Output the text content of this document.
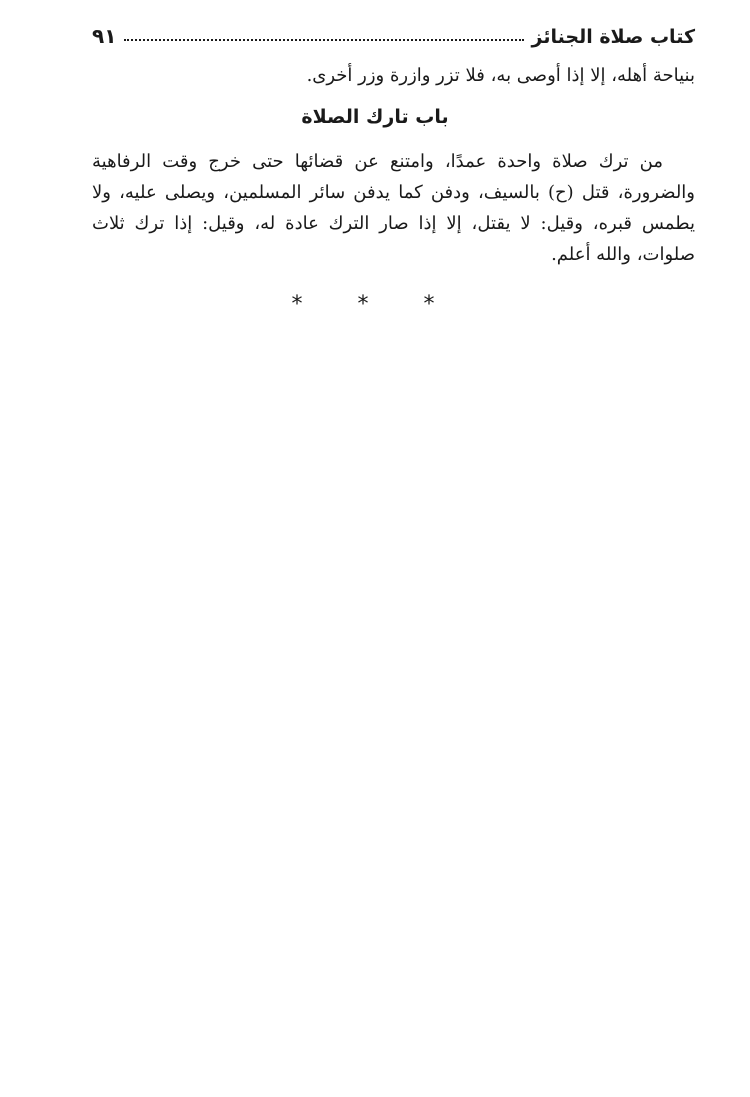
كتاب صلاة الجنائز
٩١
بنياحة أهله، إلا إذا أوصى به، فلا تزر وازرة وزر أخرى.
باب تارك الصلاة
من ترك صلاة واحدة عمدًا، وامتنع عن قضائها حتى خرج وقت الرفاهية والضرورة، قتل (ح) بالسيف، ودفن كما يدفن سائر المسلمين، ويصلى عليه، ولا يطمس قبره، وقيل: لا يقتل، إلا إذا صار الترك عادة له، وقيل: إذا ترك ثلاث صلوات، والله أعلم.
* * *
